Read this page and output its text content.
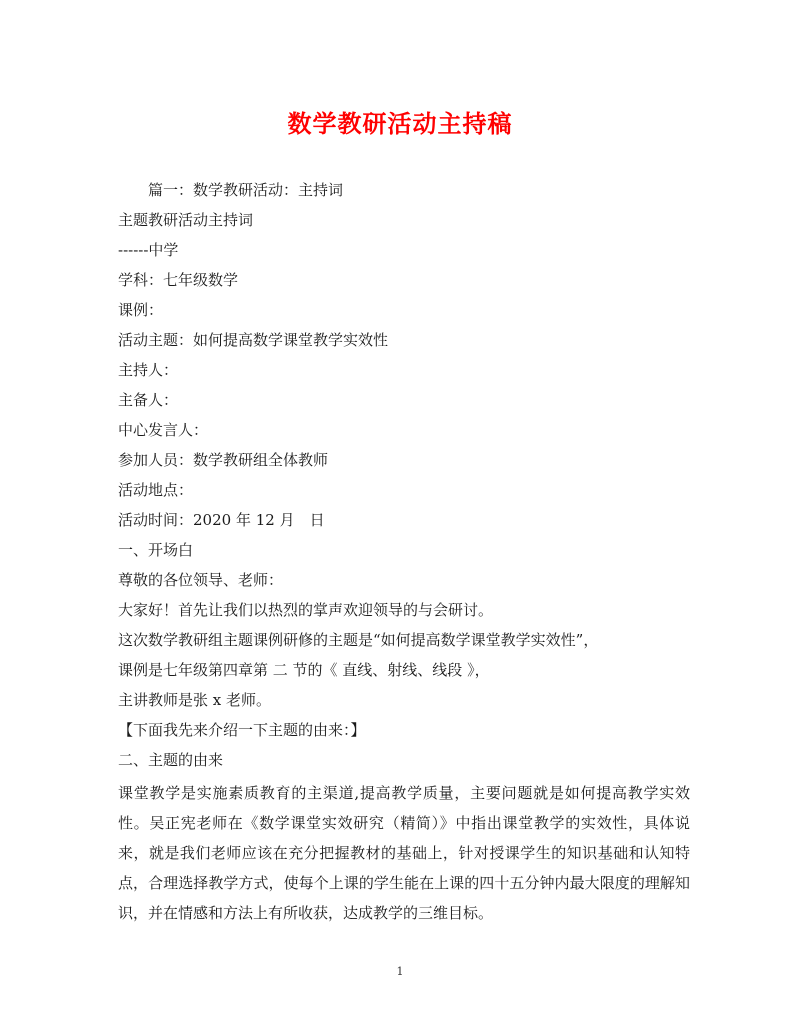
数学教研活动主持稿
篇一：数学教研活动：主持词
主题教研活动主持词
------中学
学科：七年级数学
课例：
活动主题：如何提高数学课堂教学实效性
主持人：
主备人：
中心发言人：
参加人员：数学教研组全体教师
活动地点：
活动时间：2020 年 12 月　日
一、开场白
尊敬的各位领导、老师：
大家好！首先让我们以热烈的掌声欢迎领导的与会研讨。
这次数学教研组主题课例研修的主题是“如何提高数学课堂教学实效性”，
课例是七年级第四章第 二 节的《 直线、射线、线段 》，
主讲教师是张 x 老师。
【下面我先来介绍一下主题的由来：】
二、主题的由来
课堂教学是实施素质教育的主渠道,提高教学质量，主要问题就是如何提高教学实效性。吴正宪老师在《数学课堂实效研究（精简）》中指出课堂教学的实效性，具体说来，就是我们老师应该在充分把握教材的基础上，针对授课学生的知识基础和认知特点，合理选择教学方式，使每个上课的学生能在上课的四十五分钟内最大限度的理解知识，并在情感和方法上有所收获，达成教学的三维目标。
1
